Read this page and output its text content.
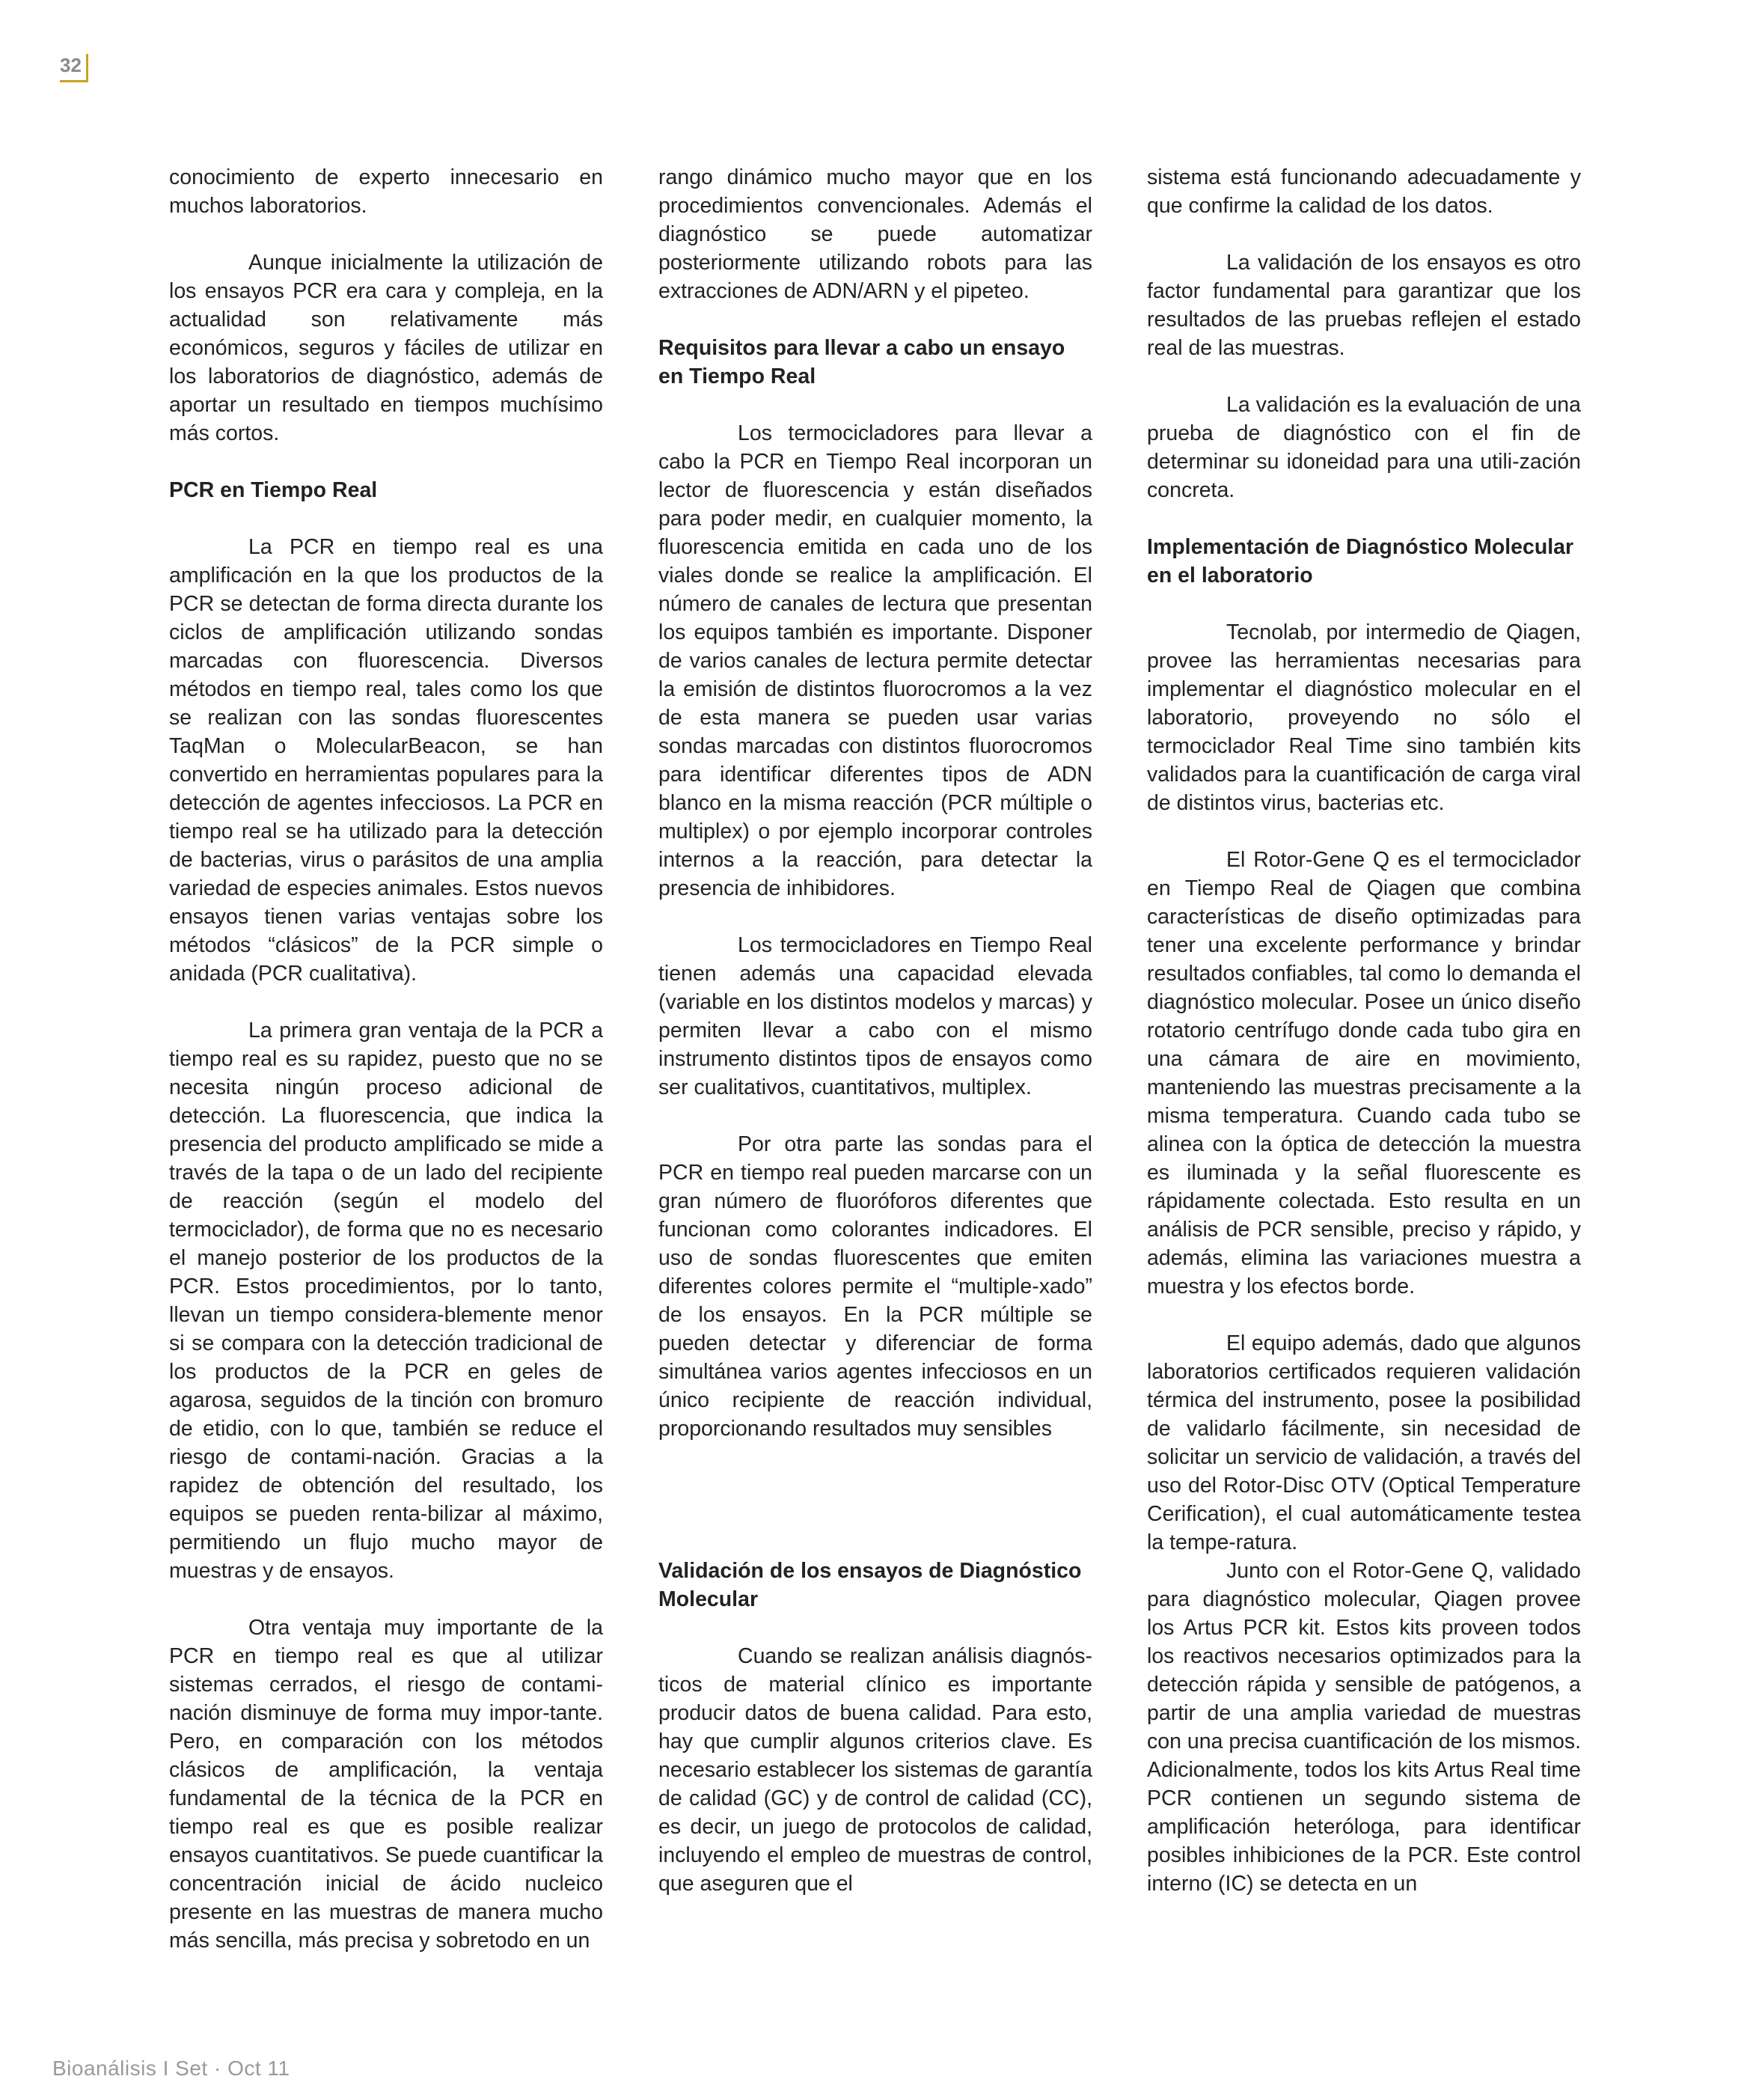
32

conocimiento de experto innecesario en muchos laboratorios.

Aunque inicialmente la utilización de los ensayos PCR era cara y compleja, en la actualidad son relativamente más económicos, seguros y fáciles de utilizar en los laboratorios de diagnóstico, además de aportar un resultado en tiempos muchísimo más cortos.

PCR en Tiempo Real

La PCR en tiempo real es una amplificación en la que los productos de la PCR se detectan de forma directa durante los ciclos de amplificación utilizando sondas marcadas con fluorescencia. Diversos métodos en tiempo real, tales como los que se realizan con las sondas fluorescentes TaqMan o MolecularBeacon, se han convertido en herramientas populares para la detección de agentes infecciosos. La PCR en tiempo real se ha utilizado para la detección de bacterias, virus o parásitos de una amplia variedad de especies animales. Estos nuevos ensayos tienen varias ventajas sobre los métodos “clásicos” de la PCR simple o anidada (PCR cualitativa).

La primera gran ventaja de la PCR a tiempo real es su rapidez, puesto que no se necesita ningún proceso adicional de detección. La fluorescencia, que indica la presencia del producto amplificado se mide a través de la tapa o de un lado del recipiente de reacción (según el modelo del termociclador), de forma que no es necesario el manejo posterior de los productos de la PCR. Estos procedimientos, por lo tanto, llevan un tiempo considera-blemente menor si se compara con la detección tradicional de los productos de la PCR en geles de agarosa, seguidos de la tinción con bromuro de etidio, con lo que, también se reduce el riesgo de contami-nación. Gracias a la rapidez de obtención del resultado, los equipos se pueden renta-bilizar al máximo, permitiendo un flujo mucho mayor de muestras y de ensayos.

Otra ventaja muy importante de la PCR en tiempo real es que al utilizar sistemas cerrados, el riesgo de contami-nación disminuye de forma muy impor-tante. Pero, en comparación con los métodos clásicos de amplificación, la ventaja fundamental de la técnica de la PCR en tiempo real es que es posible realizar ensayos cuantitativos. Se puede cuantificar la concentración inicial de ácido nucleico presente en las muestras de manera mucho más sencilla, más precisa y sobretodo en un

rango dinámico mucho mayor que en los procedimientos convencionales. Además el diagnóstico se puede automatizar posteriormente utilizando robots para las extracciones de ADN/ARN y el pipeteo.

Requisitos para llevar a cabo un ensayo en Tiempo Real

Los termocicladores para llevar a cabo la PCR en Tiempo Real incorporan un lector de fluorescencia y están diseñados para poder medir, en cualquier momento, la fluorescencia emitida en cada uno de los viales donde se realice la amplificación. El número de canales de lectura que presentan los equipos también es importante. Disponer de varios canales de lectura permite detectar la emisión de distintos fluorocromos a la vez de esta manera se pueden usar varias sondas marcadas con distintos fluorocromos para identificar diferentes tipos de ADN blanco en la misma reacción (PCR múltiple o multiplex) o por ejemplo incorporar controles internos a la reacción, para detectar la presencia de inhibidores.

Los termocicladores en Tiempo Real tienen además una capacidad elevada (variable en los distintos modelos y marcas) y permiten llevar a cabo con el mismo instrumento distintos tipos de ensayos como ser cualitativos, cuantitativos, multiplex.

Por otra parte las sondas para el PCR en tiempo real pueden marcarse con un gran número de fluoróforos diferentes que funcionan como colorantes indicadores. El uso de sondas fluorescentes que emiten diferentes colores permite el “multiple-xado” de los ensayos. En la PCR múltiple se pueden detectar y diferenciar de forma simultánea varios agentes infecciosos en un único recipiente de reacción individual, proporcionando resultados muy sensibles

Validación de los ensayos de Diagnóstico Molecular

Cuando se realizan análisis diagnós-ticos de material clínico es importante producir datos de buena calidad. Para esto, hay que cumplir algunos criterios clave. Es necesario establecer los sistemas de garantía de calidad (GC) y de control de calidad (CC), es decir, un juego de protocolos de calidad, incluyendo el empleo de muestras de control, que aseguren que el

sistema está funcionando adecuadamente y que confirme la calidad de los datos.

La validación de los ensayos es otro factor fundamental para garantizar que los resultados de las pruebas reflejen el estado real de las muestras.

La validación es la evaluación de una prueba de diagnóstico con el fin de determinar su idoneidad para una utili-zación concreta.

Implementación de Diagnóstico Molecular en el laboratorio

Tecnolab, por intermedio de Qiagen, provee las herramientas necesarias para implementar el diagnóstico molecular en el laboratorio, proveyendo no sólo el termociclador Real Time sino también kits validados para la cuantificación de carga viral de distintos virus, bacterias etc.

El Rotor-Gene Q es el termociclador en Tiempo Real de Qiagen que combina características de diseño optimizadas para tener una excelente performance y brindar resultados confiables, tal como lo demanda el diagnóstico molecular. Posee un único diseño rotatorio centrífugo donde cada tubo gira en una cámara de aire en movimiento, manteniendo las muestras precisamente a la misma temperatura. Cuando cada tubo se alinea con la óptica de detección la muestra es iluminada y la señal fluorescente es rápidamente colectada. Esto resulta en un análisis de PCR sensible, preciso y rápido, y además, elimina las variaciones muestra a muestra y los efectos borde.

El equipo además, dado que algunos laboratorios certificados requieren validación térmica del instrumento, posee la posibilidad de validarlo fácilmente, sin necesidad de solicitar un servicio de validación, a través del uso del Rotor-Disc OTV (Optical Temperature Cerification), el cual automáticamente testea la tempe-ratura.

Junto con el Rotor-Gene Q, validado para diagnóstico molecular, Qiagen provee los Artus PCR kit. Estos kits proveen todos los reactivos necesarios optimizados para la detección rápida y sensible de patógenos, a partir de una amplia variedad de muestras con una precisa cuantificación de los mismos. Adicionalmente, todos los kits Artus Real time PCR contienen un segundo sistema de amplificación heteróloga, para identificar posibles inhibiciones de la PCR. Este control interno (IC) se detecta en un

Bioanálisis I Set · Oct 11
